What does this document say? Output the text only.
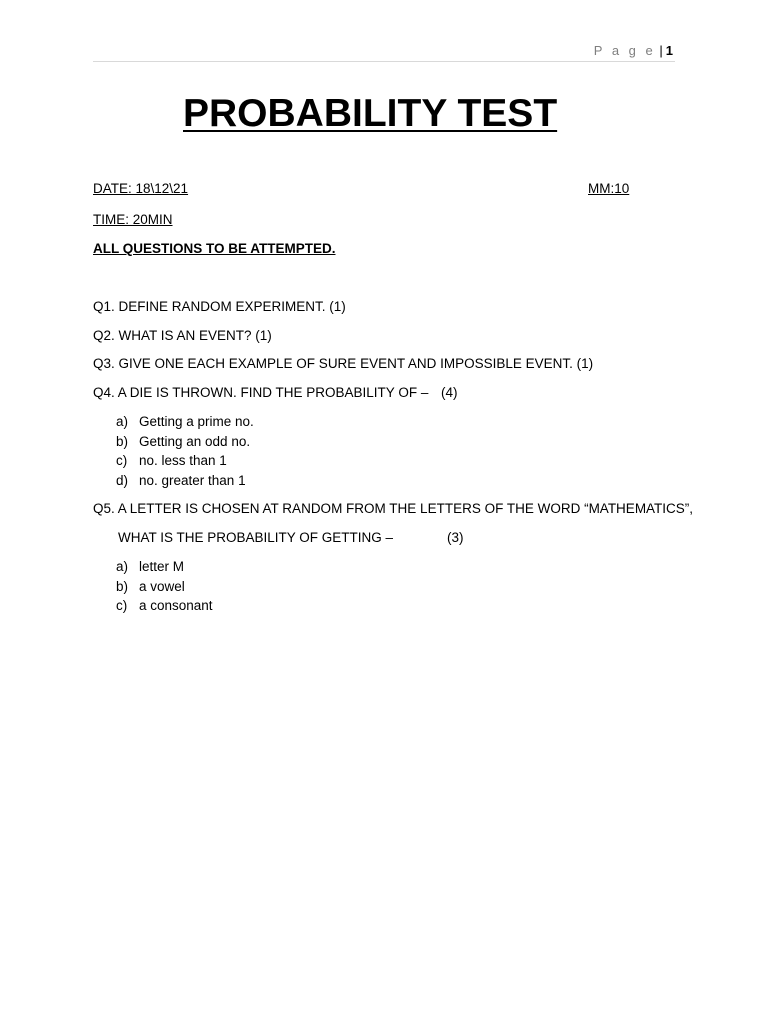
P a g e | 1
PROBABILITY TEST
DATE: 18\12\21	MM:10
TIME: 20MIN
ALL QUESTIONS TO BE ATTEMPTED.
Q1. DEFINE RANDOM EXPERIMENT. (1)
Q2. WHAT IS AN EVENT? (1)
Q3. GIVE ONE EACH EXAMPLE OF SURE EVENT AND IMPOSSIBLE EVENT. (1)
Q4. A DIE IS THROWN. FIND THE PROBABILITY OF – (4)
a) Getting a prime no.
b) Getting an odd no.
c) no. less than 1
d) no. greater than 1
Q5. A LETTER IS CHOSEN AT RANDOM FROM THE LETTERS OF THE WORD “MATHEMATICS”,
WHAT IS THE PROBABILITY OF GETTING –	(3)
a) letter M
b) a vowel
c) a consonant
